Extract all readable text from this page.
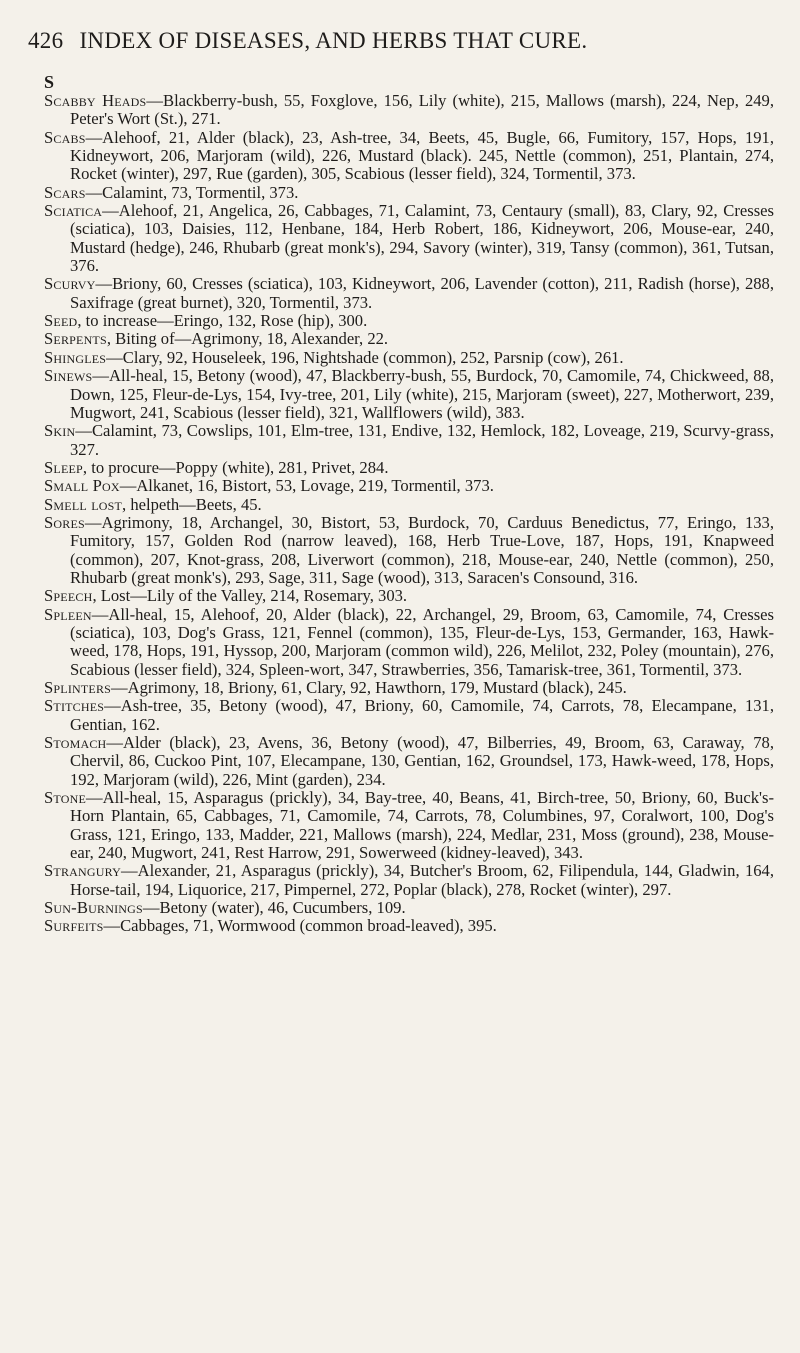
426 INDEX OF DISEASES, AND HERBS THAT CURE.
S

Scabby Heads—Blackberry-bush, 55, Foxglove, 156, Lily (white), 215, Mallows (marsh), 224, Nep, 249, Peter's Wort (St.), 271.

Scabs—Alehoof, 21, Alder (black), 23, Ash-tree, 34, Beets, 45, Bugle, 66, Fumitory, 157, Hops, 191, Kidneywort, 206, Marjoram (wild), 226, Mustard (black). 245, Nettle (common), 251, Plantain, 274, Rocket (winter), 297, Rue (garden), 305, Scabious (lesser field), 324, Tormentil, 373.

Scars—Calamint, 73, Tormentil, 373.

Sciatica—Alehoof, 21, Angelica, 26, Cabbages, 71, Calamint, 73, Centaury (small), 83, Clary, 92, Cresses (sciatica), 103, Daisies, 112, Henbane, 184, Herb Robert, 186, Kidneywort, 206, Mouse-ear, 240, Mustard (hedge), 246, Rhubarb (great monk's), 294, Savory (winter), 319, Tansy (common), 361, Tutsan, 376.

Scurvy—Briony, 60, Cresses (sciatica), 103, Kidneywort, 206, Lavender (cotton), 211, Radish (horse), 288, Saxifrage (great burnet), 320, Tormentil, 373.

Seed, to increase—Eringo, 132, Rose (hip), 300.

Serpents, Biting of—Agrimony, 18, Alexander, 22.

Shingles—Clary, 92, Houseleek, 196, Nightshade (common), 252, Parsnip (cow), 261.

Sinews—All-heal, 15, Betony (wood), 47, Blackberry-bush, 55, Burdock, 70, Camomile, 74, Chickweed, 88, Down, 125, Fleur-de-Lys, 154, Ivy-tree, 201, Lily (white), 215, Marjoram (sweet), 227, Motherwort, 239, Mugwort, 241, Scabious (lesser field), 321, Wallflowers (wild), 383.

Skin—Calamint, 73, Cowslips, 101, Elm-tree, 131, Endive, 132, Hemlock, 182, Loveage, 219, Scurvy-grass, 327.

Sleep, to procure—Poppy (white), 281, Privet, 284.

Small Pox—Alkanet, 16, Bistort, 53, Lovage, 219, Tormentil, 373.

Smell lost, helpeth—Beets, 45.

Sores—Agrimony, 18, Archangel, 30, Bistort, 53, Burdock, 70, Carduus Benedictus, 77, Eringo, 133, Fumitory, 157, Golden Rod (narrow leaved), 168, Herb True-Love, 187, Hops, 191, Knapweed (common), 207, Knot-grass, 208, Liverwort (common), 218, Mouse-ear, 240, Nettle (common), 250, Rhubarb (great monk's), 293, Sage, 311, Sage (wood), 313, Saracen's Consound, 316.

Speech, Lost—Lily of the Valley, 214, Rosemary, 303.

Spleen—All-heal, 15, Alehoof, 20, Alder (black), 22, Archangel, 29, Broom, 63, Camomile, 74, Cresses (sciatica), 103, Dog's Grass, 121, Fennel (common), 135, Fleur-de-Lys, 153, Germander, 163, Hawk-weed, 178, Hops, 191, Hyssop, 200, Marjoram (common wild), 226, Melilot, 232, Poley (mountain), 276, Scabious (lesser field), 324, Spleen-wort, 347, Strawberries, 356, Tamarisk-tree, 361, Tormentil, 373.

Splinters—Agrimony, 18, Briony, 61, Clary, 92, Hawthorn, 179, Mustard (black), 245.

Stitches—Ash-tree, 35, Betony (wood), 47, Briony, 60, Camomile, 74, Carrots, 78, Elecampane, 131, Gentian, 162.

Stomach—Alder (black), 23, Avens, 36, Betony (wood), 47, Bilberries, 49, Broom, 63, Caraway, 78, Chervil, 86, Cuckoo Pint, 107, Elecampane, 130, Gentian, 162, Groundsel, 173, Hawk-weed, 178, Hops, 192, Marjoram (wild), 226, Mint (garden), 234.

Stone—All-heal, 15, Asparagus (prickly), 34, Bay-tree, 40, Beans, 41, Birch-tree, 50, Briony, 60, Buck's-Horn Plantain, 65, Cabbages, 71, Camomile, 74, Carrots, 78, Columbines, 97, Coralwort, 100, Dog's Grass, 121, Eringo, 133, Madder, 221, Mallows (marsh), 224, Medlar, 231, Moss (ground), 238, Mouse-ear, 240, Mugwort, 241, Rest Harrow, 291, Sowerweed (kidney-leaved), 343.

Strangury—Alexander, 21, Asparagus (prickly), 34, Butcher's Broom, 62, Filipendula, 144, Gladwin, 164, Horse-tail, 194, Liquorice, 217, Pimpernel, 272, Poplar (black), 278, Rocket (winter), 297.

Sun-Burnings—Betony (water), 46, Cucumbers, 109.

Surfeits—Cabbages, 71, Wormwood (common broad-leaved), 395.
